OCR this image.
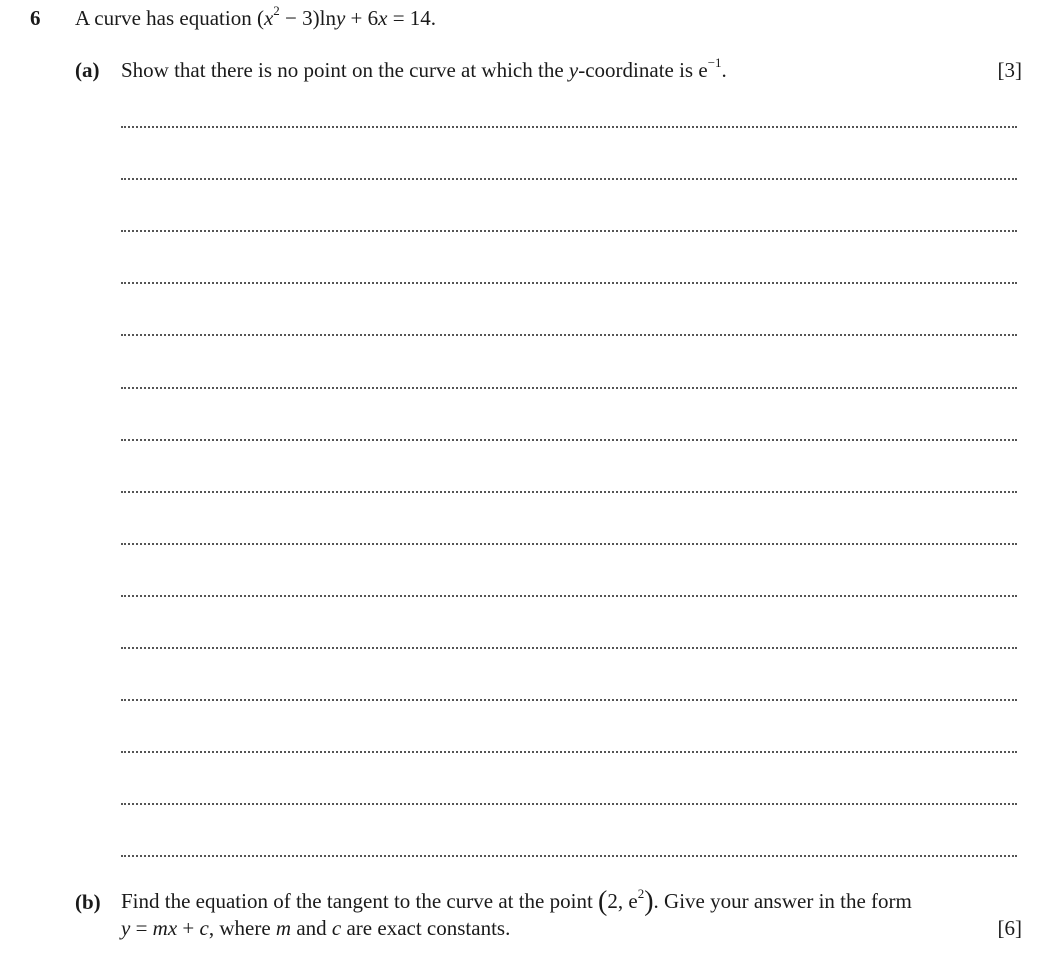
6 A curve has equation $(x^2 - 3)\ln y + 6x = 14$.
(a) Show that there is no point on the curve at which the y-coordinate is $e^{-1}$.	[3]
(b) Find the equation of the tangent to the curve at the point (2, $e^2$). Give your answer in the form
y = mx + c, where m and c are exact constants.	[6]
